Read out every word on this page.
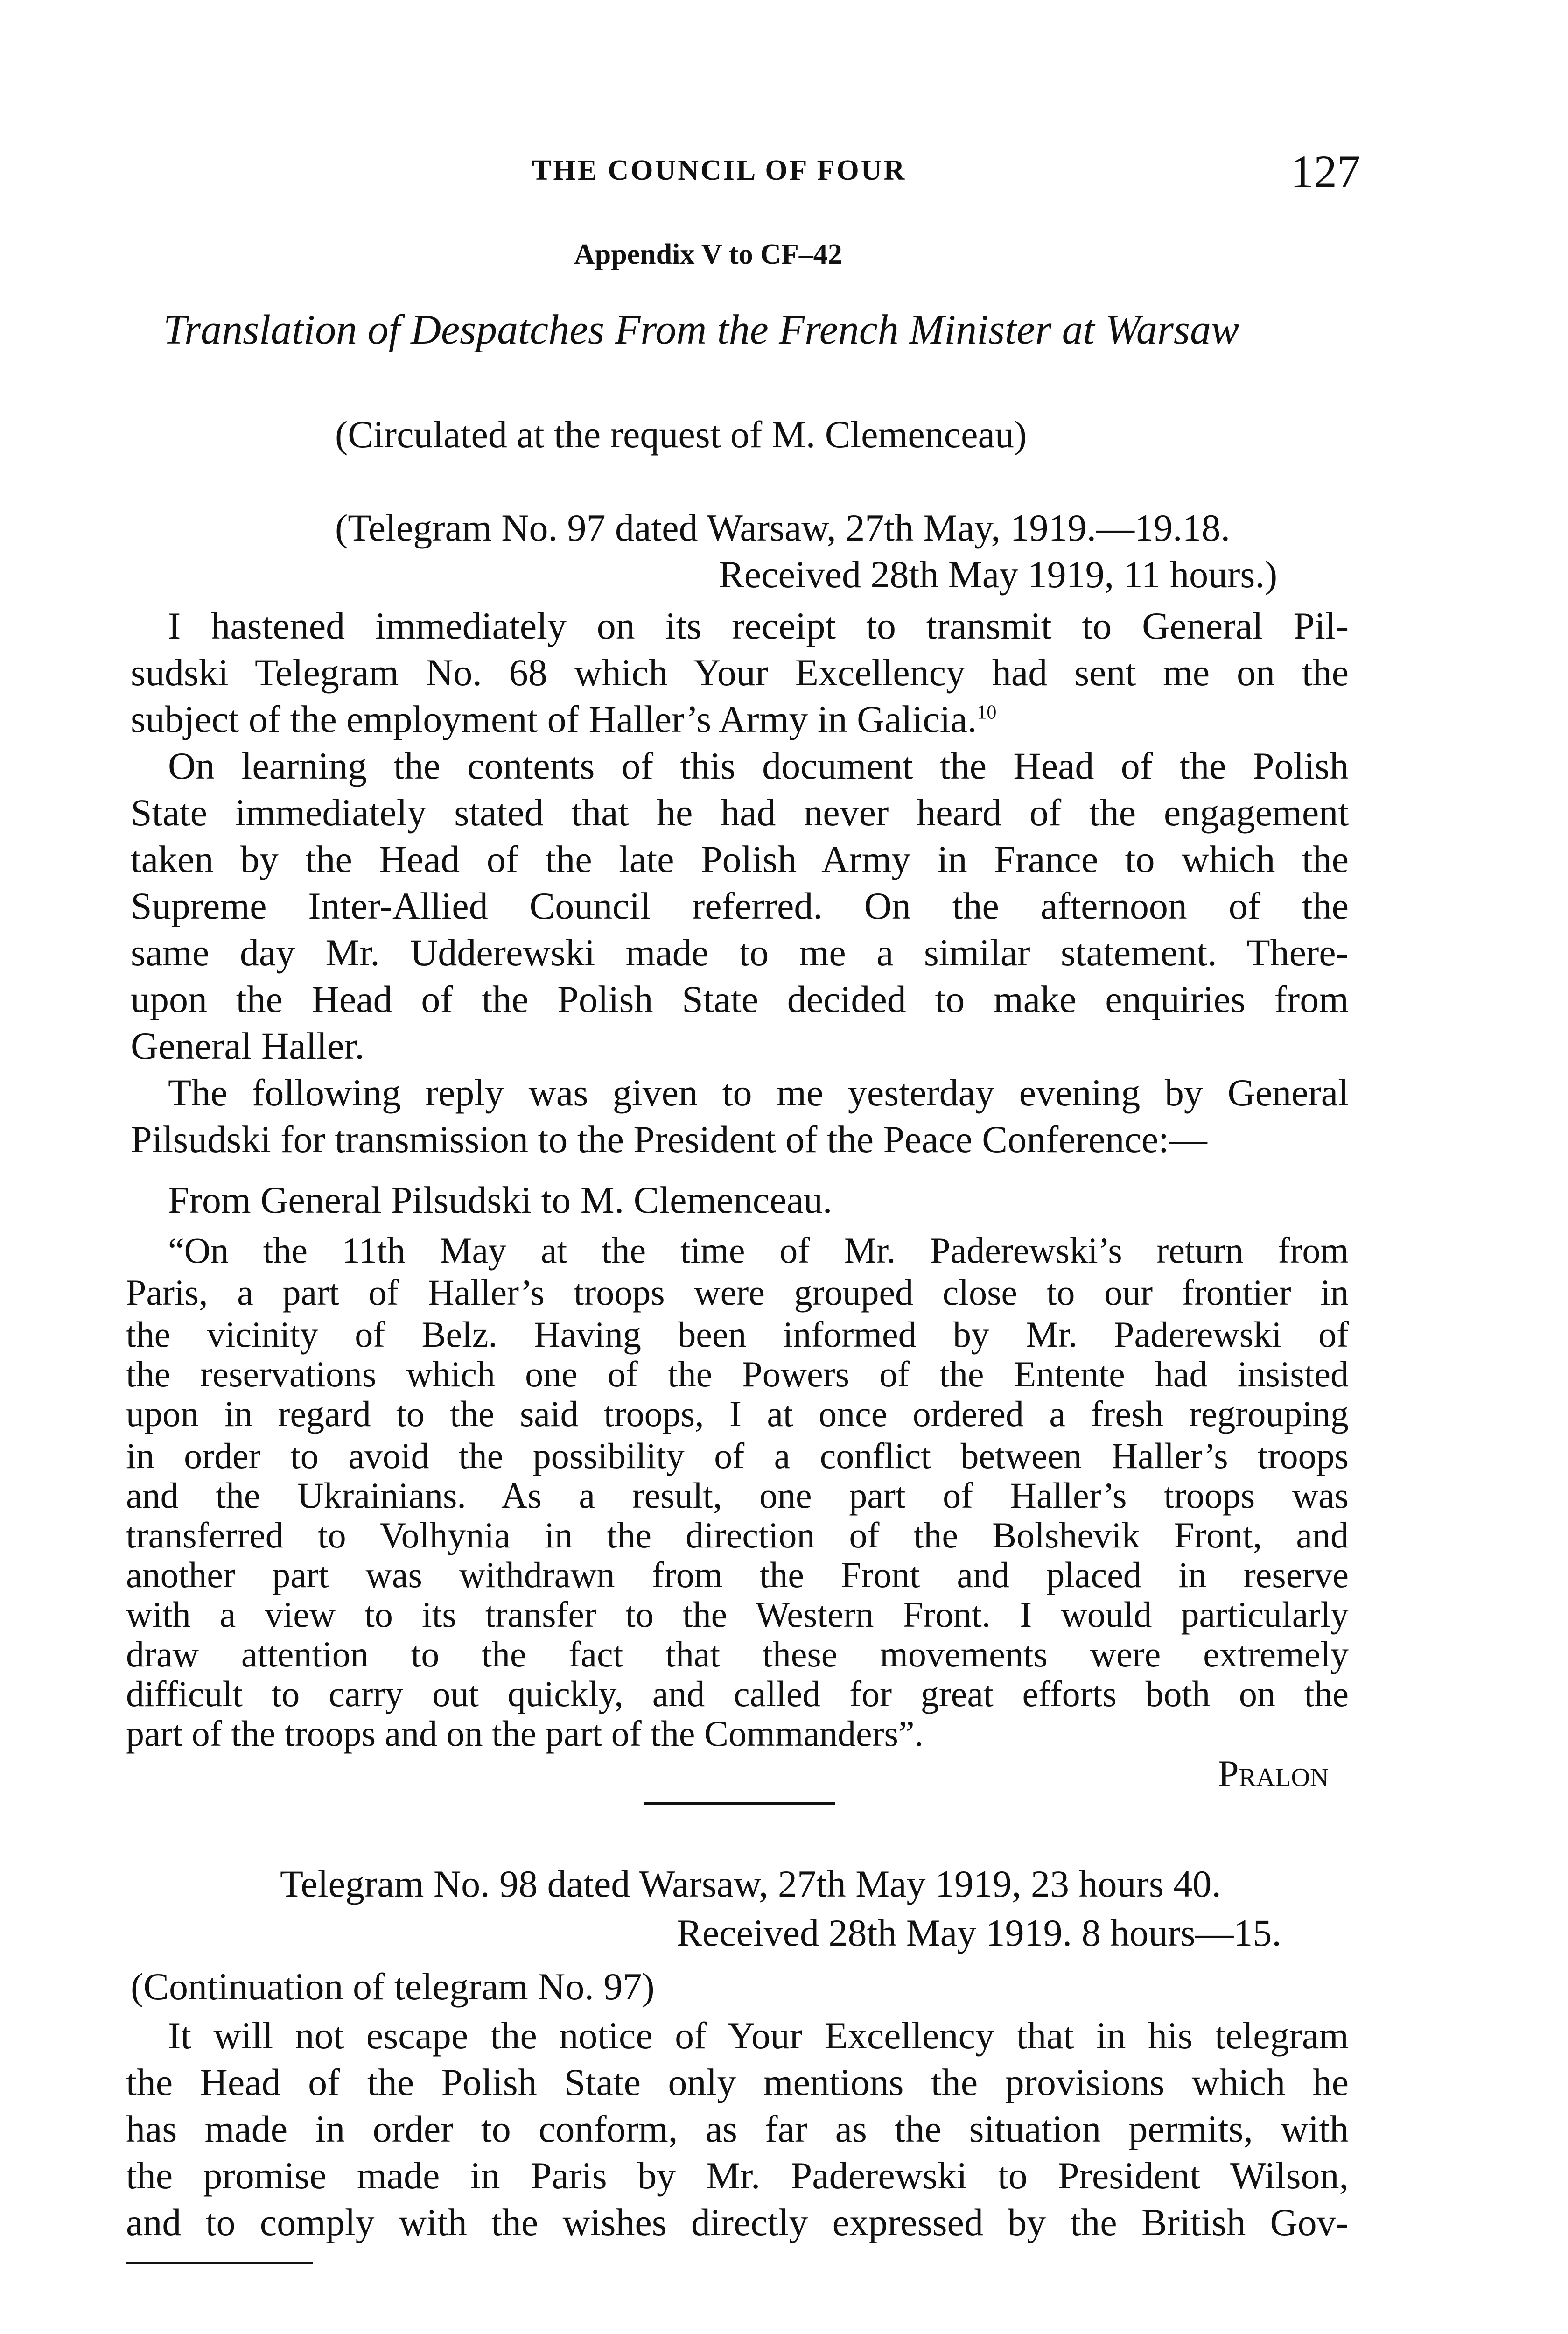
THE COUNCIL OF FOUR	127
Appendix V to CF–42
Translation of Despatches From the French Minister at Warsaw
(Circulated at the request of M. Clemenceau)
(Telegram No. 97 dated Warsaw, 27th May, 1919.—19.18.
Received 28th May 1919, 11 hours.)
I hastened immediately on its receipt to transmit to General Pil-
sudski Telegram No. 68 which Your Excellency had sent me on the
subject of the employment of Haller’s Army in Galicia.$^{10}$
On learning the contents of this document the Head of the Polish
State immediately stated that he had never heard of the engagement
taken by the Head of the late Polish Army in France to which the
Supreme Inter-Allied Council referred. On the afternoon of the
same day Mr. Udderewski made to me a similar statement. There-
upon the Head of the Polish State decided to make enquiries from
General Haller.
The following reply was given to me yesterday evening by General
Pilsudski for transmission to the President of the Peace Conference:—
From General Pilsudski to M. Clemenceau.
“On the 11th May at the time of Mr. Paderewski’s return from
Paris, a part of Haller’s troops were grouped close to our frontier in
the vicinity of Belz. Having been informed by Mr. Paderewski of
the reservations which one of the Powers of the Entente had insisted
upon in regard to the said troops, I at once ordered a fresh regrouping
in order to avoid the possibility of a conflict between Haller’s troops
and the Ukrainians. As a result, one part of Haller’s troops was
transferred to Volhynia in the direction of the Bolshevik Front, and
another part was withdrawn from the Front and placed in reserve
with a view to its transfer to the Western Front. I would particularly
draw attention to the fact that these movements were extremely
difficult to carry out quickly, and called for great efforts both on the
part of the troops and on the part of the Commanders”.
Pralon
Telegram No. 98 dated Warsaw, 27th May 1919, 23 hours 40.
Received 28th May 1919. 8 hours—15.
(Continuation of telegram No. 97)
It will not escape the notice of Your Excellency that in his telegram
the Head of the Polish State only mentions the provisions which he
has made in order to conform, as far as the situation permits, with
the promise made in Paris by Mr. Paderewski to President Wilson,
and to comply with the wishes directly expressed by the British Gov-
